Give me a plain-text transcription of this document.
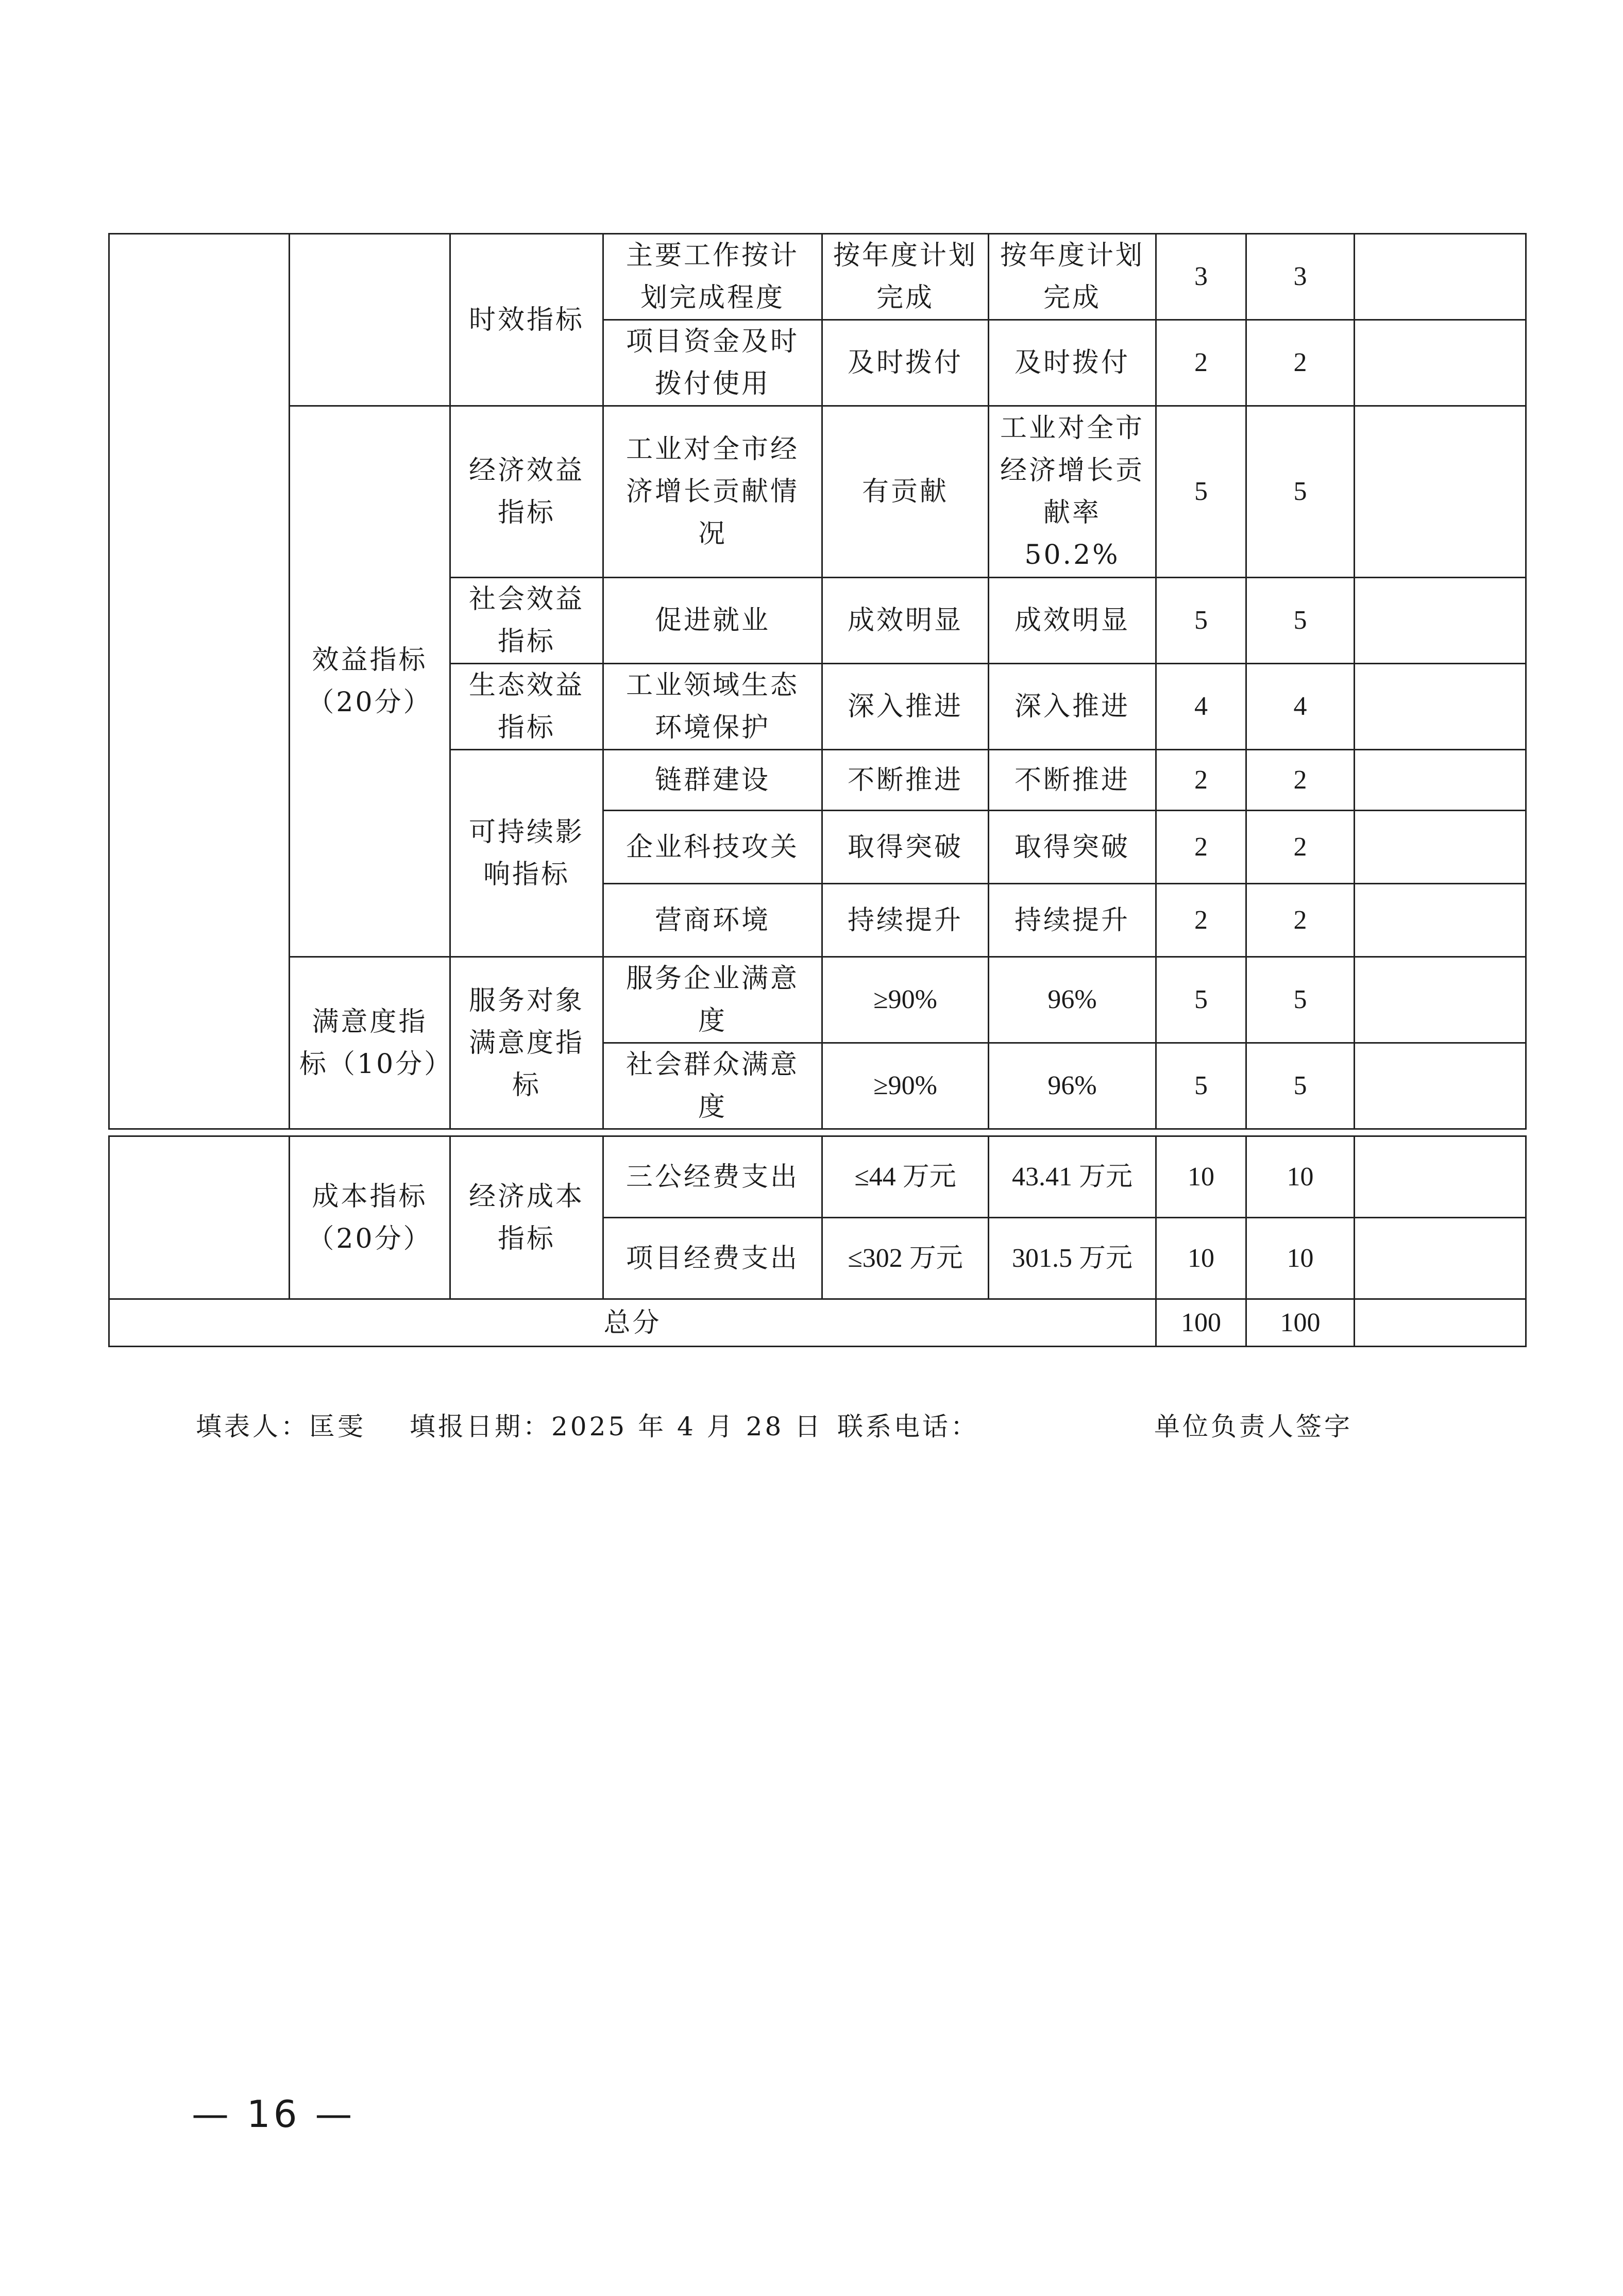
		时效指标	主要工作按计划完成程度	按年度计划完成	按年度计划完成	3	3	
			项目资金及时拨付使用	及时拨付	及时拨付	2	2	
	效益指标（20分）	经济效益指标	工业对全市经济增长贡献情况	有贡献	工业对全市经济增长贡献率50.2%	5	5	
		社会效益指标	促进就业	成效明显	成效明显	5	5	
		生态效益指标	工业领域生态环境保护	深入推进	深入推进	4	4	
		可持续影响指标	链群建设	不断推进	不断推进	2	2	
			企业科技攻关	取得突破	取得突破	2	2	
			营商环境	持续提升	持续提升	2	2	
	满意度指标（10分）	服务对象满意度指标	服务企业满意度	≥90%	96%	5	5	
			社会群众满意度	≥90%	96%	5	5	
	成本指标（20分）	经济成本指标	三公经费支出	≤44 万元	43.41 万元	10	10	
			项目经费支出	≤302 万元	301.5 万元	10	10	
总分						100	100	
填表人：匡雯 填报日期：2025 年 4 月 28 日 联系电话：	单位负责人签字
— 16 —
